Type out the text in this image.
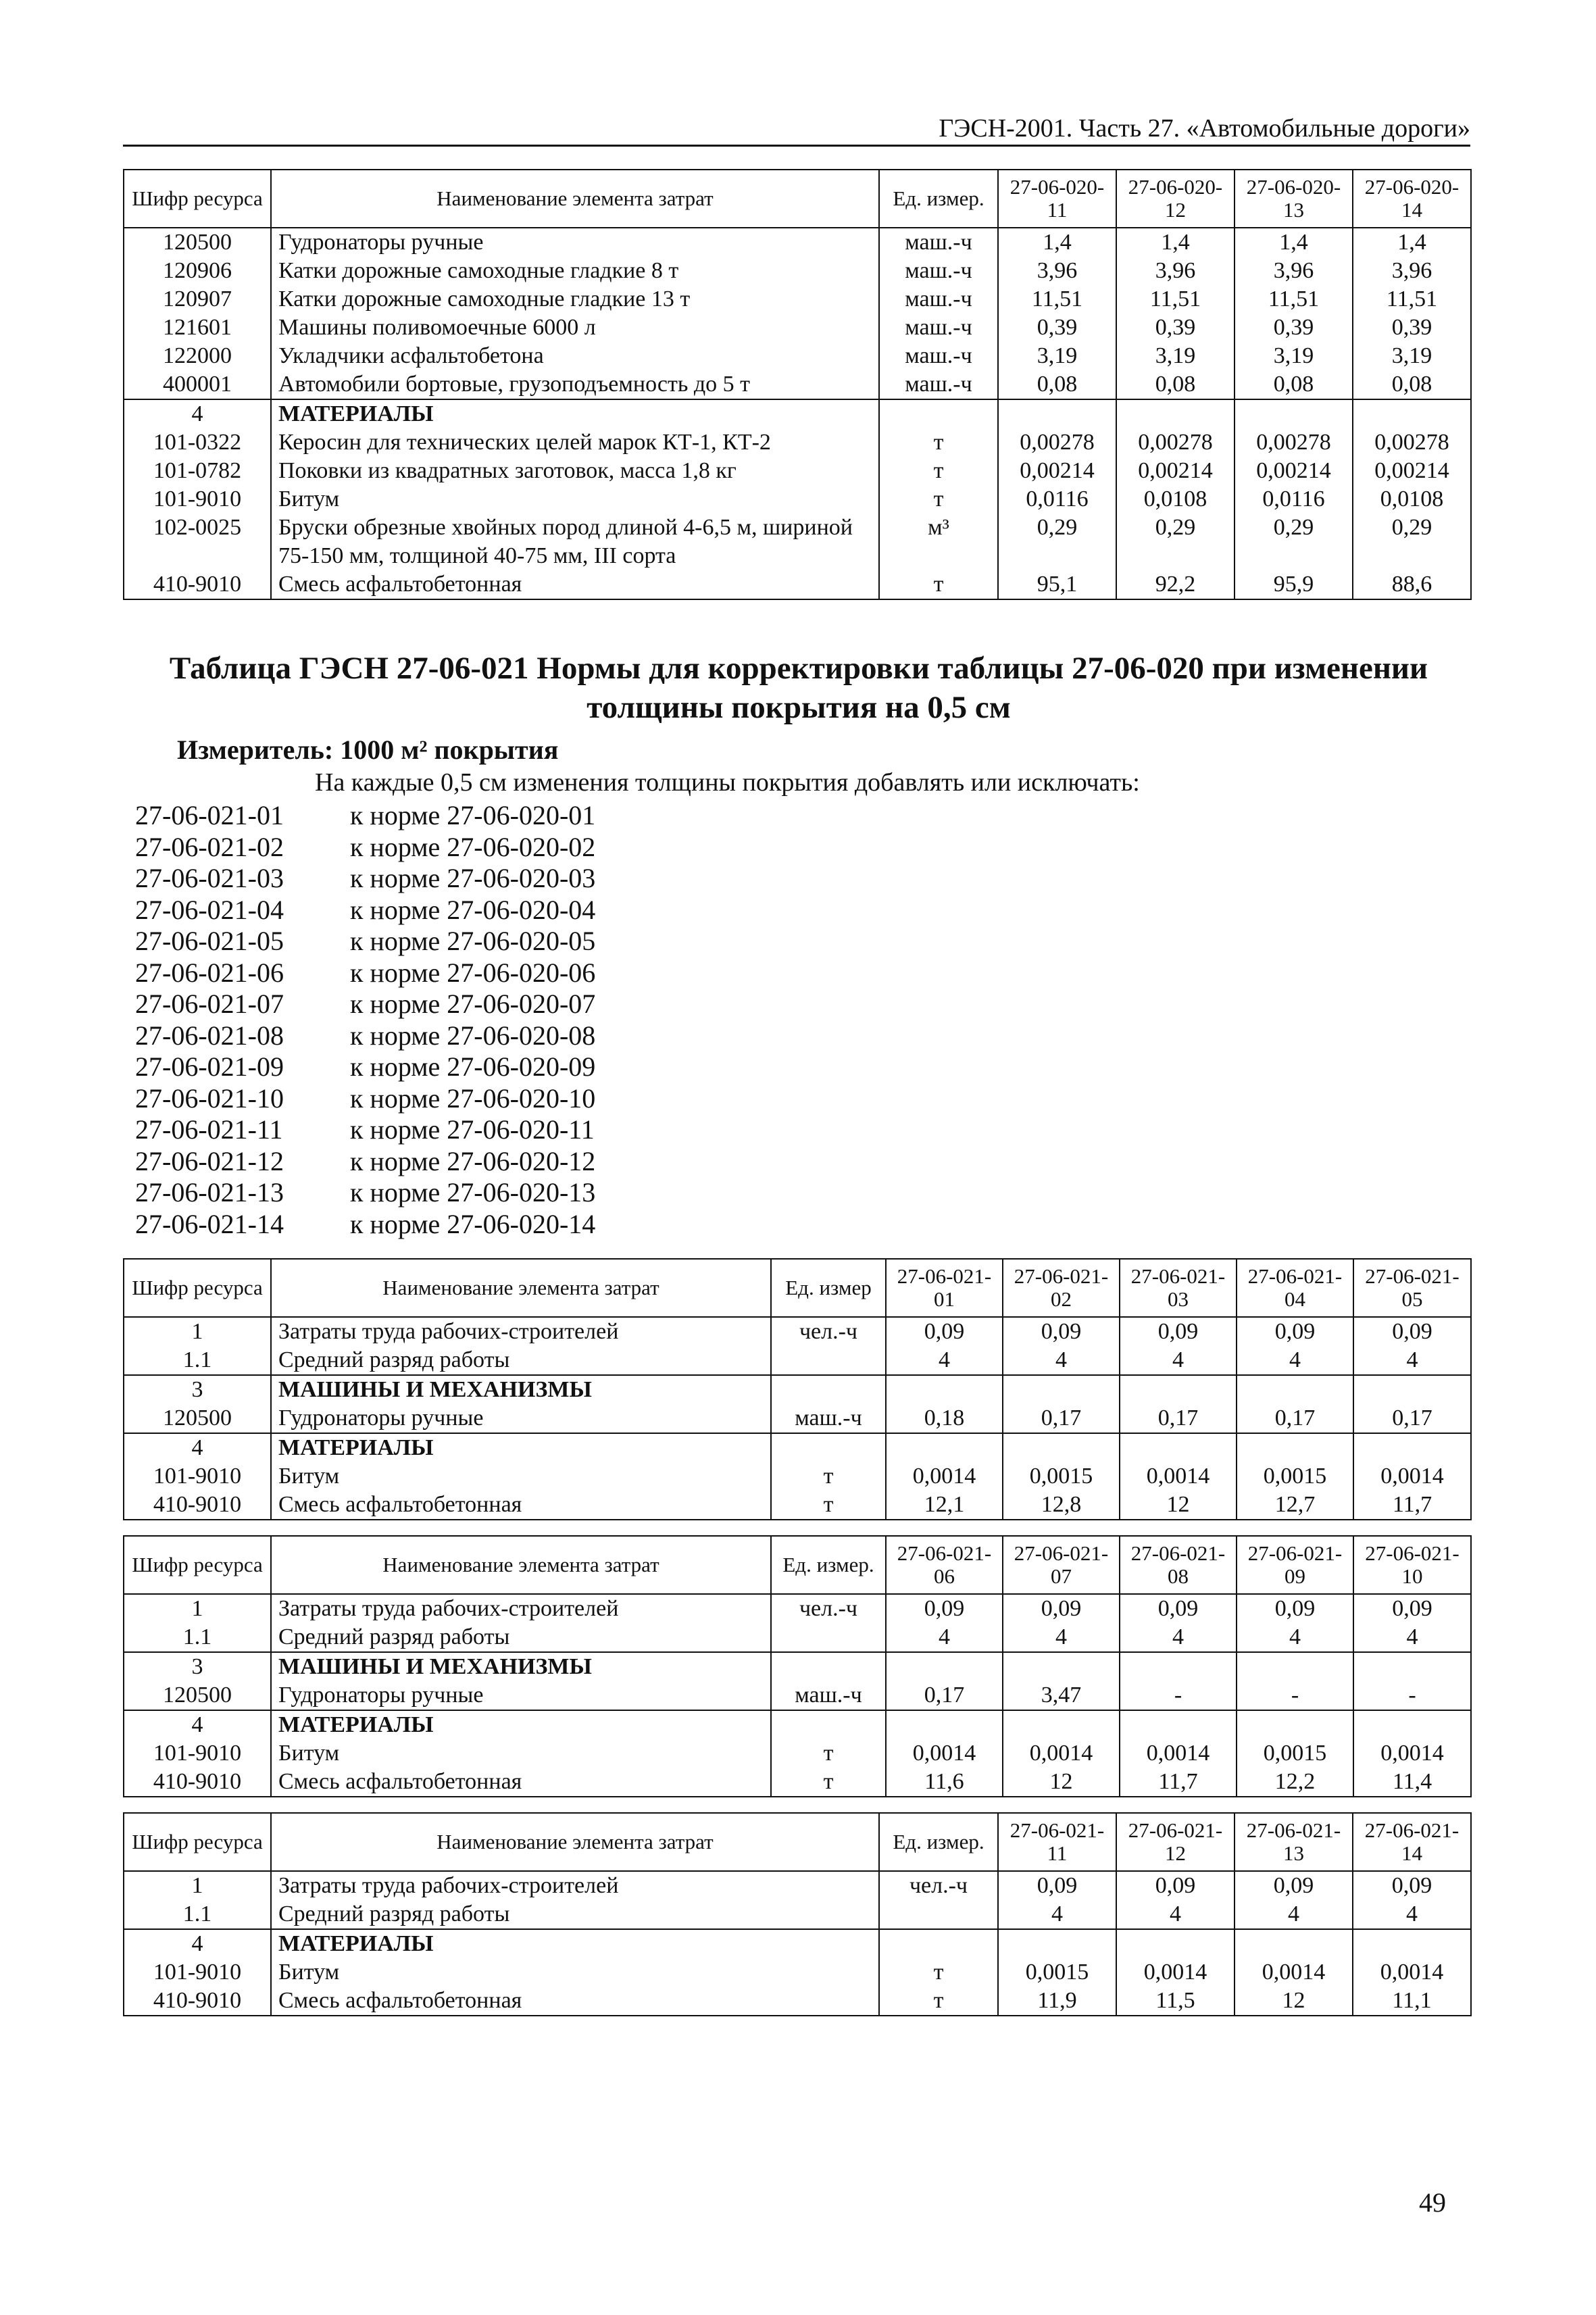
ГЭСН-2001. Часть 27. «Автомобильные дороги»
Шифр ресурса	Наименование элемента затрат	Ед. измер.	27-06-020-11	27-06-020-12	27-06-020-13	27-06-020-14
120500	Гудронаторы ручные	маш.-ч	1,4	1,4	1,4	1,4
120906	Катки дорожные самоходные гладкие 8 т	маш.-ч	3,96	3,96	3,96	3,96
120907	Катки дорожные самоходные гладкие 13 т	маш.-ч	11,51	11,51	11,51	11,51
121601	Машины поливомоечные 6000 л	маш.-ч	0,39	0,39	0,39	0,39
122000	Укладчики асфальтобетона	маш.-ч	3,19	3,19	3,19	3,19
400001	Автомобили бортовые, грузоподъемность до 5 т	маш.-ч	0,08	0,08	0,08	0,08
4	МАТЕРИАЛЫ					
101-0322	Керосин для технических целей марок КТ-1, КТ-2	т	0,00278	0,00278	0,00278	0,00278
101-0782	Поковки из квадратных заготовок, масса 1,8 кг	т	0,00214	0,00214	0,00214	0,00214
101-9010	Битум	т	0,0116	0,0108	0,0116	0,0108
102-0025	Бруски обрезные хвойных пород длиной 4-6,5 м, шириной 75-150 мм, толщиной 40-75 мм, III сорта	м³	0,29	0,29	0,29	0,29
410-9010	Смесь асфальтобетонная	т	95,1	92,2	95,9	88,6
Таблица ГЭСН 27-06-021 Нормы для корректировки таблицы 27-06-020 при изменении толщины покрытия на 0,5 см
Измеритель: 1000 м² покрытия
На каждые 0,5 см изменения толщины покрытия добавлять или исключать:
27-06-021-01	к норме 27-06-020-01
27-06-021-02	к норме 27-06-020-02
27-06-021-03	к норме 27-06-020-03
27-06-021-04	к норме 27-06-020-04
27-06-021-05	к норме 27-06-020-05
27-06-021-06	к норме 27-06-020-06
27-06-021-07	к норме 27-06-020-07
27-06-021-08	к норме 27-06-020-08
27-06-021-09	к норме 27-06-020-09
27-06-021-10	к норме 27-06-020-10
27-06-021-11	к норме 27-06-020-11
27-06-021-12	к норме 27-06-020-12
27-06-021-13	к норме 27-06-020-13
27-06-021-14	к норме 27-06-020-14
Шифр ресурса	Наименование элемента затрат	Ед. измер	27-06-021-01	27-06-021-02	27-06-021-03	27-06-021-04	27-06-021-05
1	Затраты труда рабочих-строителей	чел.-ч	0,09	0,09	0,09	0,09	0,09
1.1	Средний разряд работы		4	4	4	4	4
3	МАШИНЫ И МЕХАНИЗМЫ						
120500	Гудронаторы ручные	маш.-ч	0,18	0,17	0,17	0,17	0,17
4	МАТЕРИАЛЫ						
101-9010	Битум	т	0,0014	0,0015	0,0014	0,0015	0,0014
410-9010	Смесь асфальтобетонная	т	12,1	12,8	12	12,7	11,7
Шифр ресурса	Наименование элемента затрат	Ед. измер.	27-06-021-06	27-06-021-07	27-06-021-08	27-06-021-09	27-06-021-10
1	Затраты труда рабочих-строителей	чел.-ч	0,09	0,09	0,09	0,09	0,09
1.1	Средний разряд работы		4	4	4	4	4
3	МАШИНЫ И МЕХАНИЗМЫ						
120500	Гудронаторы ручные	маш.-ч	0,17	3,47	-	-	-
4	МАТЕРИАЛЫ						
101-9010	Битум	т	0,0014	0,0014	0,0014	0,0015	0,0014
410-9010	Смесь асфальтобетонная	т	11,6	12	11,7	12,2	11,4
Шифр ресурса	Наименование элемента затрат	Ед. измер.	27-06-021-11	27-06-021-12	27-06-021-13	27-06-021-14
1	Затраты труда рабочих-строителей	чел.-ч	0,09	0,09	0,09	0,09
1.1	Средний разряд работы		4	4	4	4
4	МАТЕРИАЛЫ					
101-9010	Битум	т	0,0015	0,0014	0,0014	0,0014
410-9010	Смесь асфальтобетонная	т	11,9	11,5	12	11,1
49
